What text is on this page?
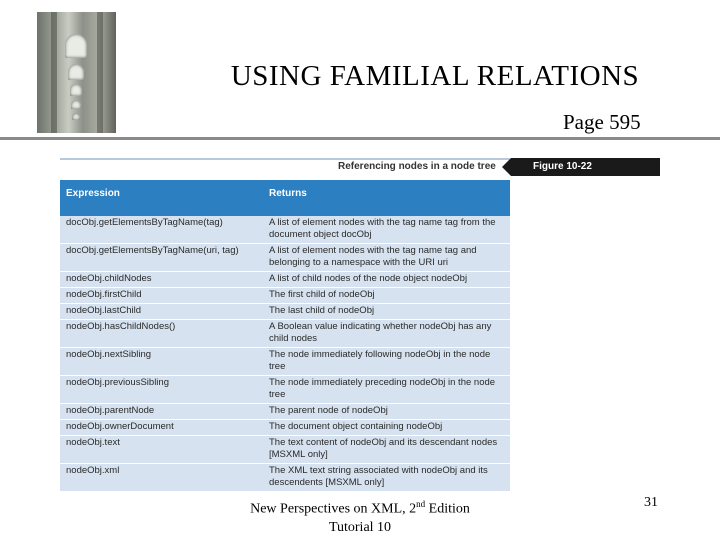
USING FAMILIAL RELATIONS
Page 595
Referencing nodes in a node tree	Figure 10-22
Expression	Returns
docObj.getElementsByTagName(tag)	A list of element nodes with the tag name tag from the document object docObj
docObj.getElementsByTagName(uri, tag)	A list of element nodes with the tag name tag and belonging to a namespace with the URI uri
nodeObj.childNodes	A list of child nodes of the node object nodeObj
nodeObj.firstChild	The first child of nodeObj
nodeObj.lastChild	The last child of nodeObj
nodeObj.hasChildNodes()	A Boolean value indicating whether nodeObj has any child nodes
nodeObj.nextSibling	The node immediately following nodeObj in the node tree
nodeObj.previousSibling	The node immediately preceding nodeObj in the node tree
nodeObj.parentNode	The parent node of nodeObj
nodeObj.ownerDocument	The document object containing nodeObj
nodeObj.text	The text content of nodeObj and its descendant nodes [MSXML only]
nodeObj.xml	The XML text string associated with nodeObj and its descendents [MSXML only]
New Perspectives on XML, 2nd Edition
Tutorial 10
31
